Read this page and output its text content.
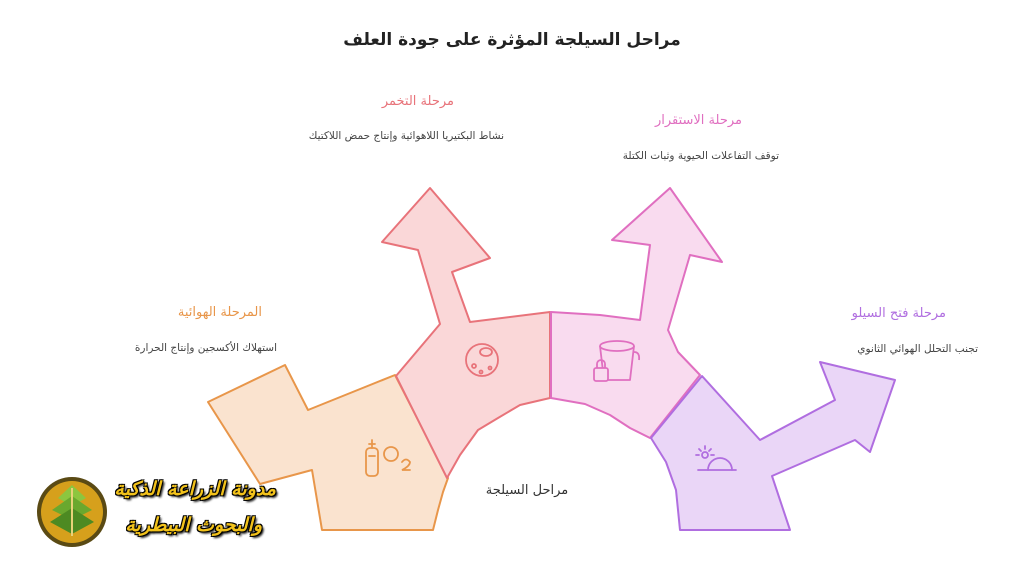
مراحل السيلجة المؤثرة على جودة العلف
المرحلة الهوائية
استهلاك الأكسجين وإنتاج الحرارة
مرحلة التخمر
نشاط البكتيريا اللاهوائية وإنتاج حمض اللاكتيك
مرحلة الاستقرار
توقف التفاعلات الحيوية وثبات الكتلة
مرحلة فتح السيلو
تجنب التحلل الهوائي الثانوي
مراحل السيلجة
مدونة الزراعة الذكية
والبحوث البيطرية
